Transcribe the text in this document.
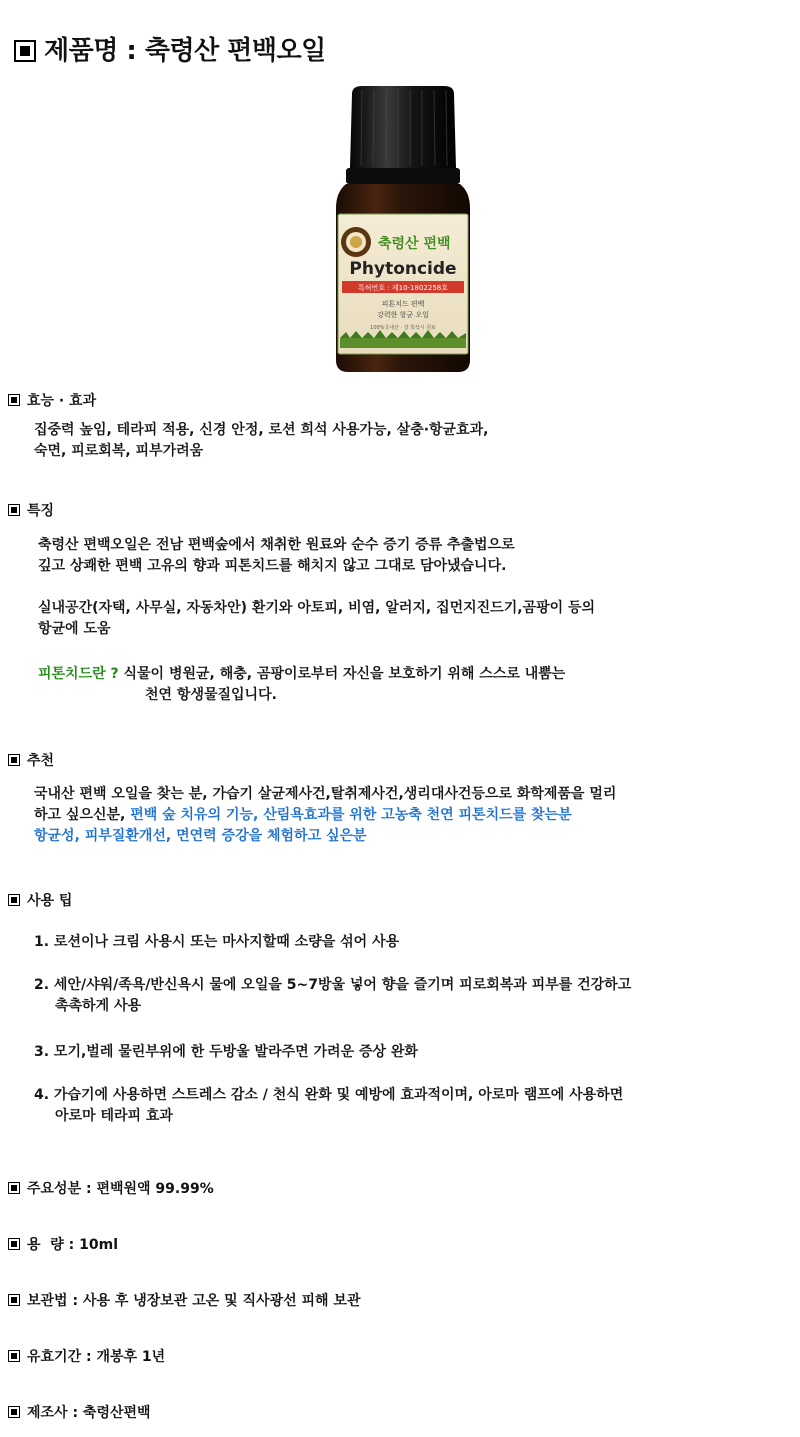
제품명 : 축령산 편백오일
축령산 편백
Phytoncide
특허번호 : 제10-1802258호
피톤치드 편백
강력한 항균 오일
100%국내산 · 잘 희석시 원료
효능 · 효과
집중력 높임, 테라피 적용, 신경 안정, 로션 희석 사용가능, 살충·항균효과,
숙면, 피로회복, 피부가려움
특징
축령산 편백오일은 전남 편백숲에서 채취한 원료와 순수 증기 증류 추출법으로
깊고 상쾌한 편백 고유의 향과 피톤치드를 해치지 않고 그대로 담아냈습니다.
실내공간(자택, 사무실, 자동차안) 환기와 아토피, 비염, 알러지, 집먼지진드기,곰팡이 등의
항균에 도움
피톤치드란 ? 식물이 병원균, 해충, 곰팡이로부터 자신을 보호하기 위해 스스로 내뿜는
천연 항생물질입니다.
추천
국내산 편백 오일을 찾는 분, 가습기 살균제사건,탈취제사건,생리대사건등으로 화학제품을 멀리
하고 싶으신분, 편백 숲 치유의 기능, 산림욕효과를 위한 고농축 천연 피톤치드를 찾는분
항균성, 피부질환개선, 면연력 증강을 체험하고 싶은분
사용 팁
1. 로션이나 크림 사용시 또는 마사지할때 소량을 섞어 사용
2. 세안/샤워/족욕/반신욕시 물에 오일을 5~7방울 넣어 향을 즐기며 피로회복과 피부를 건강하고
촉촉하게 사용
3. 모기,벌레 물린부위에 한 두방울 발라주면 가려운 증상 완화
4. 가습기에 사용하면 스트레스 감소 / 천식 완화 및 예방에 효과적이며, 아로마 램프에 사용하면
아로마 테라피 효과
주요성분 : 편백원액 99.99%
용  량 : 10ml
보관법 : 사용 후 냉장보관 고온 및 직사광선 피해 보관
유효기간 : 개봉후 1년
제조사 : 축령산편백
